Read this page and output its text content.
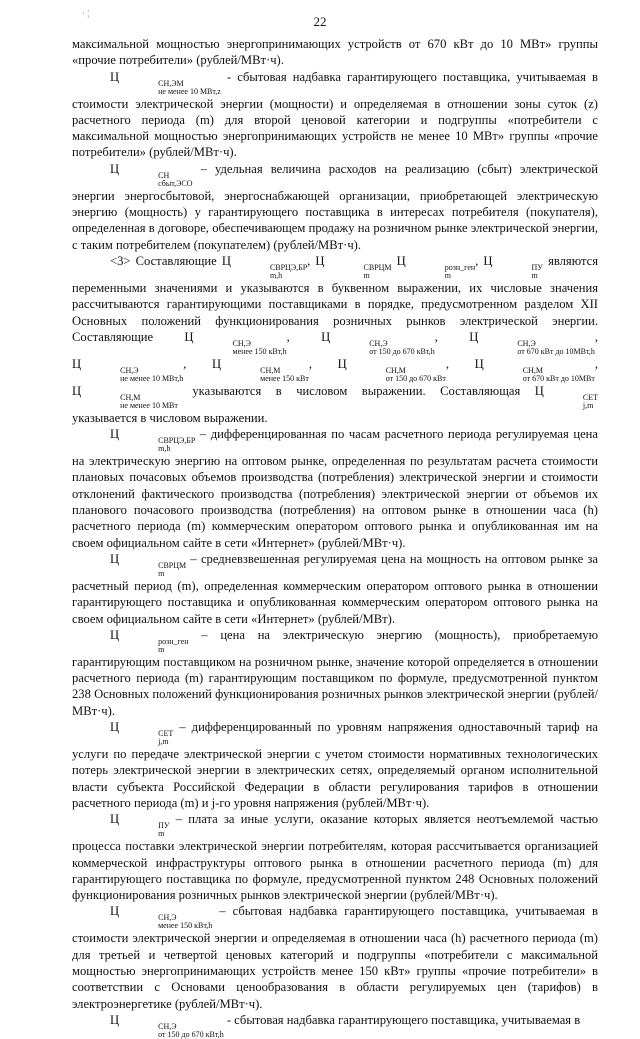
· ¦
22

максимальной мощностью энергопринимающих устройств от 670 кВт до 10 МВт» группы «прочие потребители» (рублей/МВт·ч).

Ц	СН,ЭМ
не менее 10 МВт,z
- сбытовая надбавка гарантирующего поставщика, учитываемая в стоимости электрической энергии (мощности) и определяемая в отношении зоны суток (z) расчетного периода (m) для второй ценовой категории и подгруппы «потребители с максимальной мощностью энергопринимающих устройств не менее 10 МВт» группы «прочие потребители» (рублей/МВт·ч).

Ц	СН
сбыт,ЭСО
– удельная величина расходов на реализацию (сбыт) электрической энергии энергосбытовой, энергоснабжающей организации, приобретающей электрическую энергию (мощность) у гарантирующего поставщика в интересах потребителя (покупателя), определенная в договоре, обеспечивающем продажу на розничном рынке электрической энергии, с таким потребителем (покупателем) (рублей/МВт·ч).

<3> Составляющие Ц	СВРЦЭ,БР
m,h
, Ц	СВРЦМ
m
Ц	розн_ген
m
, Ц	ПУ
m
являются переменными значениями и указываются в буквенном выражении, их числовые значения рассчитываются гарантирующими поставщиками в порядке, предусмотренном разделом XII Основных положений функционирования розничных рынков электрической энергии. Составляющие Ц	СН,Э
менее 150 кВт,h
, Ц	СН,Э
от 150 до 670 кВт,h
, Ц	СН,Э
от 670 кВт до 10МВт,h
, Ц	СН,Э
не менее 10 МВт,h
, Ц	СН,М
менее 150 кВт
, Ц	СН,М
от 150 до 670 кВт
, Ц	СН,М
от 670 кВт до 10МВт
, Ц	СН,М
не менее 10 МВт
указываются в числовом выражении. Составляющая Ц	СЕТ
j,m
указывается в числовом выражении.

Ц	СВРЦЭ,БР
m,h
– дифференцированная по часам расчетного периода регулируемая цена на электрическую энергию на оптовом рынке, определенная по результатам расчета стоимости плановых почасовых объемов производства (потребления) электрической энергии и стоимости отклонений фактического производства (потребления) электрической энергии от объемов их планового почасового производства (потребления) на оптовом рынке в отношении часа (h) расчетного периода (m) коммерческим оператором оптового рынка и опубликованная им на своем официальном сайте в сети «Интернет» (рублей/МВт·ч).

Ц	СВРЦМ
m
– средневзвешенная регулируемая цена на мощность на оптовом рынке за расчетный период (m), определенная коммерческим оператором оптового рынка в отношении гарантирующего поставщика и опубликованная коммерческим оператором оптового рынка на своем официальном сайте в сети «Интернет» (рублей/МВт).

Ц	розн_ген
m
– цена на электрическую энергию (мощность), приобретаемую гарантирующим поставщиком на розничном рынке, значение которой определяется в отношении расчетного периода (m) гарантирующим поставщиком по формуле, предусмотренной пунктом 238 Основных положений функционирования розничных рынков электрической энергии (рублей/МВт·ч).

Ц	СЕТ
j,m
– дифференцированный по уровням напряжения одноставочный тариф на услуги по передаче электрической энергии с учетом стоимости нормативных технологических потерь электрической энергии в электрических сетях, определяемый органом исполнительной власти субъекта Российской Федерации в области регулирования тарифов в отношении расчетного периода (m) и j-го уровня напряжения (рублей/МВт·ч).

Ц	ПУ
m
– плата за иные услуги, оказание которых является неотъемлемой частью процесса поставки электрической энергии потребителям, которая рассчитывается организацией коммерческой инфраструктуры оптового рынка в отношении расчетного периода (m) для гарантирующего поставщика по формуле, предусмотренной пунктом 248 Основных положений функционирования розничных рынков электрической энергии (рублей/МВт·ч).

Ц	СН,Э
менее 150 кВт,h
– сбытовая надбавка гарантирующего поставщика, учитываемая в стоимости электрической энергии и определяемая в отношении часа (h) расчетного периода (m) для третьей и четвертой ценовых категорий и подгруппы «потребители с максимальной мощностью энергопринимающих устройств менее 150 кВт» группы «прочие потребители» в соответствии с Основами ценообразования в области регулируемых цен (тарифов) в электроэнергетике (рублей/МВт·ч).

Ц	СН,Э
от 150 до 670 кВт,h
- сбытовая надбавка гарантирующего поставщика, учитываемая в
